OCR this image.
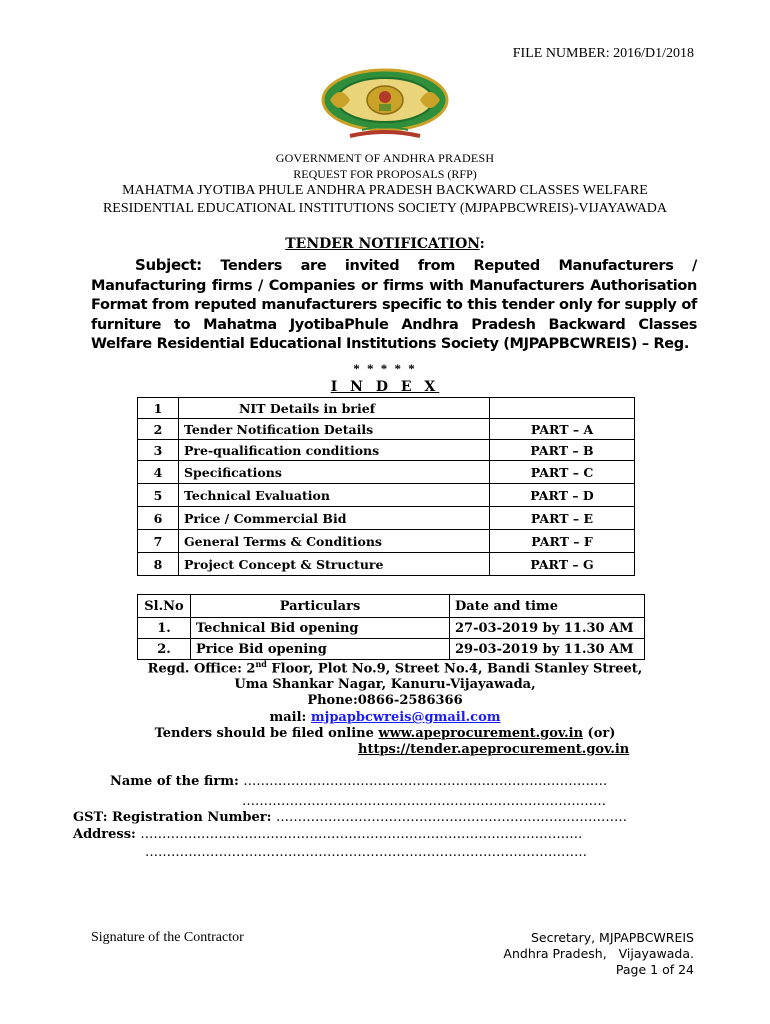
FILE NUMBER: 2016/D1/2018
GOVERNMENT OF ANDHRA PRADESH
REQUEST FOR PROPOSALS (RFP)
MAHATMA JYOTIBA PHULE ANDHRA PRADESH BACKWARD CLASSES WELFARE
RESIDENTIAL EDUCATIONAL INSTITUTIONS SOCIETY (MJPAPBCWREIS)-VIJAYAWADA
TENDER NOTIFICATION:
Subject: Tenders are invited from Reputed Manufacturers / Manufacturing firms / Companies or firms with Manufacturers Authorisation Format from reputed manufacturers specific to this tender only for supply of furniture to Mahatma JyotibaPhule Andhra Pradesh Backward Classes Welfare Residential Educational Institutions Society (MJPAPBCWREIS) – Reg.
* * * * *
I N D E X
1	NIT Details in brief	
2	Tender Notification Details	PART – A
3	Pre-qualification conditions	PART – B
4	Specifications	PART – C
5	Technical Evaluation	PART – D
6	Price / Commercial Bid	PART – E
7	General Terms & Conditions	PART – F
8	Project Concept & Structure	PART – G
Sl.No	Particulars	Date and time
1.	Technical Bid opening	27-03-2019 by 11.30 AM
2.	Price Bid opening	29-03-2019 by 11.30 AM
Regd. Office: 2nd Floor, Plot No.9, Street No.4, Bandi Stanley Street,
Uma Shankar Nagar, Kanuru-Vijayawada,
Phone:0866-2586366
mail: mjpapbcwreis@gmail.com
Tenders should be filed online www.apeprocurement.gov.in (or)
https://tender.apeprocurement.gov.in
Name of the firm: …………………………………………………………………………
…………………………………………………………………………
GST: Registration Number: ………………………………………………………………………
Address: …………………………………………………………………………………………
…………………………………………………………………………………………
Signature of the Contractor	Secretary, MJPAPBCWREIS
Andhra Pradesh,   Vijayawada.
Page 1 of 24
